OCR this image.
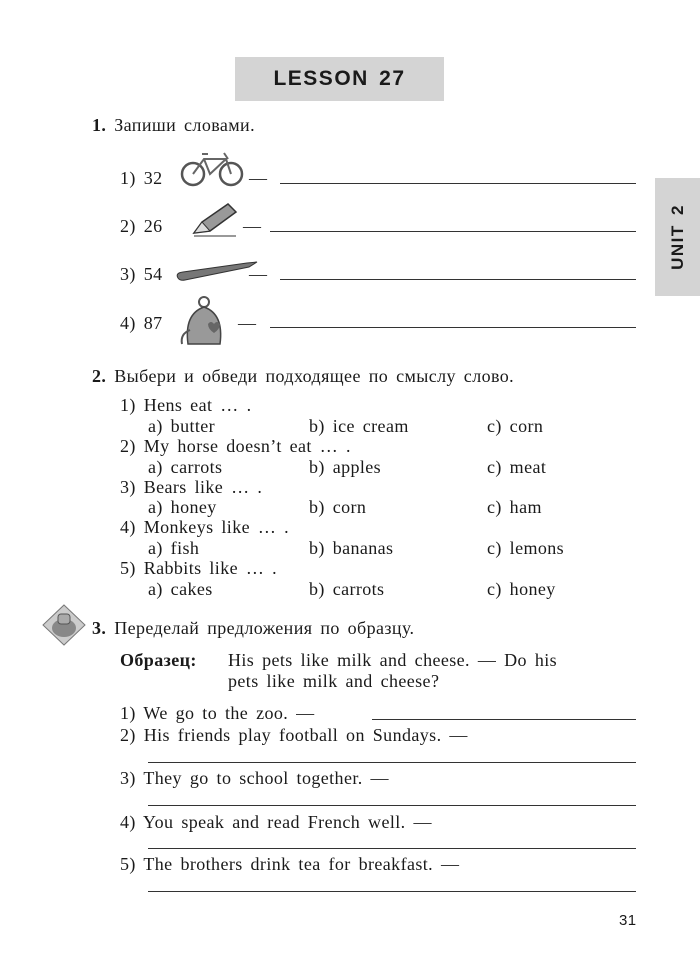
LESSON 27
UNIT 2
1. Запиши словами.
1) 32	—
2) 26	—
3) 54	—
4) 87	—
2. Выбери и обведи подходящее по смыслу слово.
1) Hens eat … .
a) butter	b) ice cream	c) corn
2) My horse doesn’t eat … .
a) carrots	b) apples	c) meat
3) Bears like … .
a) honey	b) corn	c) ham
4) Monkeys like … .
a) fish	b) bananas	c) lemons
5) Rabbits like … .
a) cakes	b) carrots	c) honey
3. Переделай предложения по образцу.
Образец: His pets like milk and cheese. — Do his
pets like milk and cheese?
1) We go to the zoo. —
2) His friends play football on Sundays. —
3) They go to school together. —
4) You speak and read French well. —
5) The brothers drink tea for breakfast. —
31
